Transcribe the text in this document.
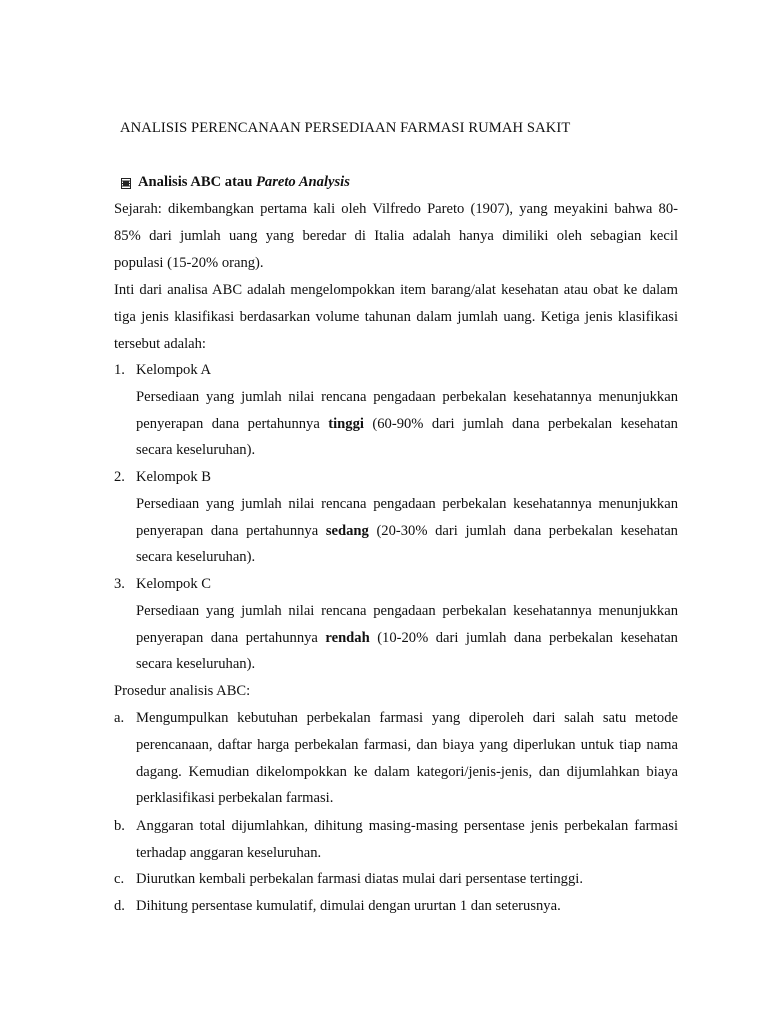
ANALISIS PERENCANAAN PERSEDIAAN FARMASI RUMAH SAKIT
Analisis ABC atau Pareto Analysis
Sejarah: dikembangkan pertama kali oleh Vilfredo Pareto (1907), yang meyakini bahwa 80-
85% dari jumlah uang yang beredar di Italia adalah hanya dimiliki oleh sebagian kecil
populasi (15-20% orang).
Inti dari analisa ABC adalah mengelompokkan item barang/alat kesehatan atau obat ke dalam
tiga jenis klasifikasi berdasarkan volume tahunan dalam jumlah uang. Ketiga jenis klasifikasi
tersebut adalah:
1. Kelompok A
Persediaan yang jumlah nilai rencana pengadaan perbekalan kesehatannya menunjukkan
penyerapan dana pertahunnya tinggi (60-90% dari jumlah dana perbekalan kesehatan
secara keseluruhan).
2. Kelompok B
Persediaan yang jumlah nilai rencana pengadaan perbekalan kesehatannya menunjukkan
penyerapan dana pertahunnya sedang (20-30% dari jumlah dana perbekalan kesehatan
secara keseluruhan).
3. Kelompok C
Persediaan yang jumlah nilai rencana pengadaan perbekalan kesehatannya menunjukkan
penyerapan dana pertahunnya rendah (10-20% dari jumlah dana perbekalan kesehatan
secara keseluruhan).
Prosedur analisis ABC:
a. Mengumpulkan kebutuhan perbekalan farmasi yang diperoleh dari salah satu metode
perencanaan, daftar harga perbekalan farmasi, dan biaya yang diperlukan untuk tiap nama
dagang. Kemudian dikelompokkan ke dalam kategori/jenis-jenis, dan dijumlahkan biaya
perklasifikasi perbekalan farmasi.
b. Anggaran total dijumlahkan, dihitung masing-masing persentase jenis perbekalan farmasi
terhadap anggaran keseluruhan.
c. Diurutkan kembali perbekalan farmasi diatas mulai dari persentase tertinggi.
d. Dihitung persentase kumulatif, dimulai dengan ururtan 1 dan seterusnya.
